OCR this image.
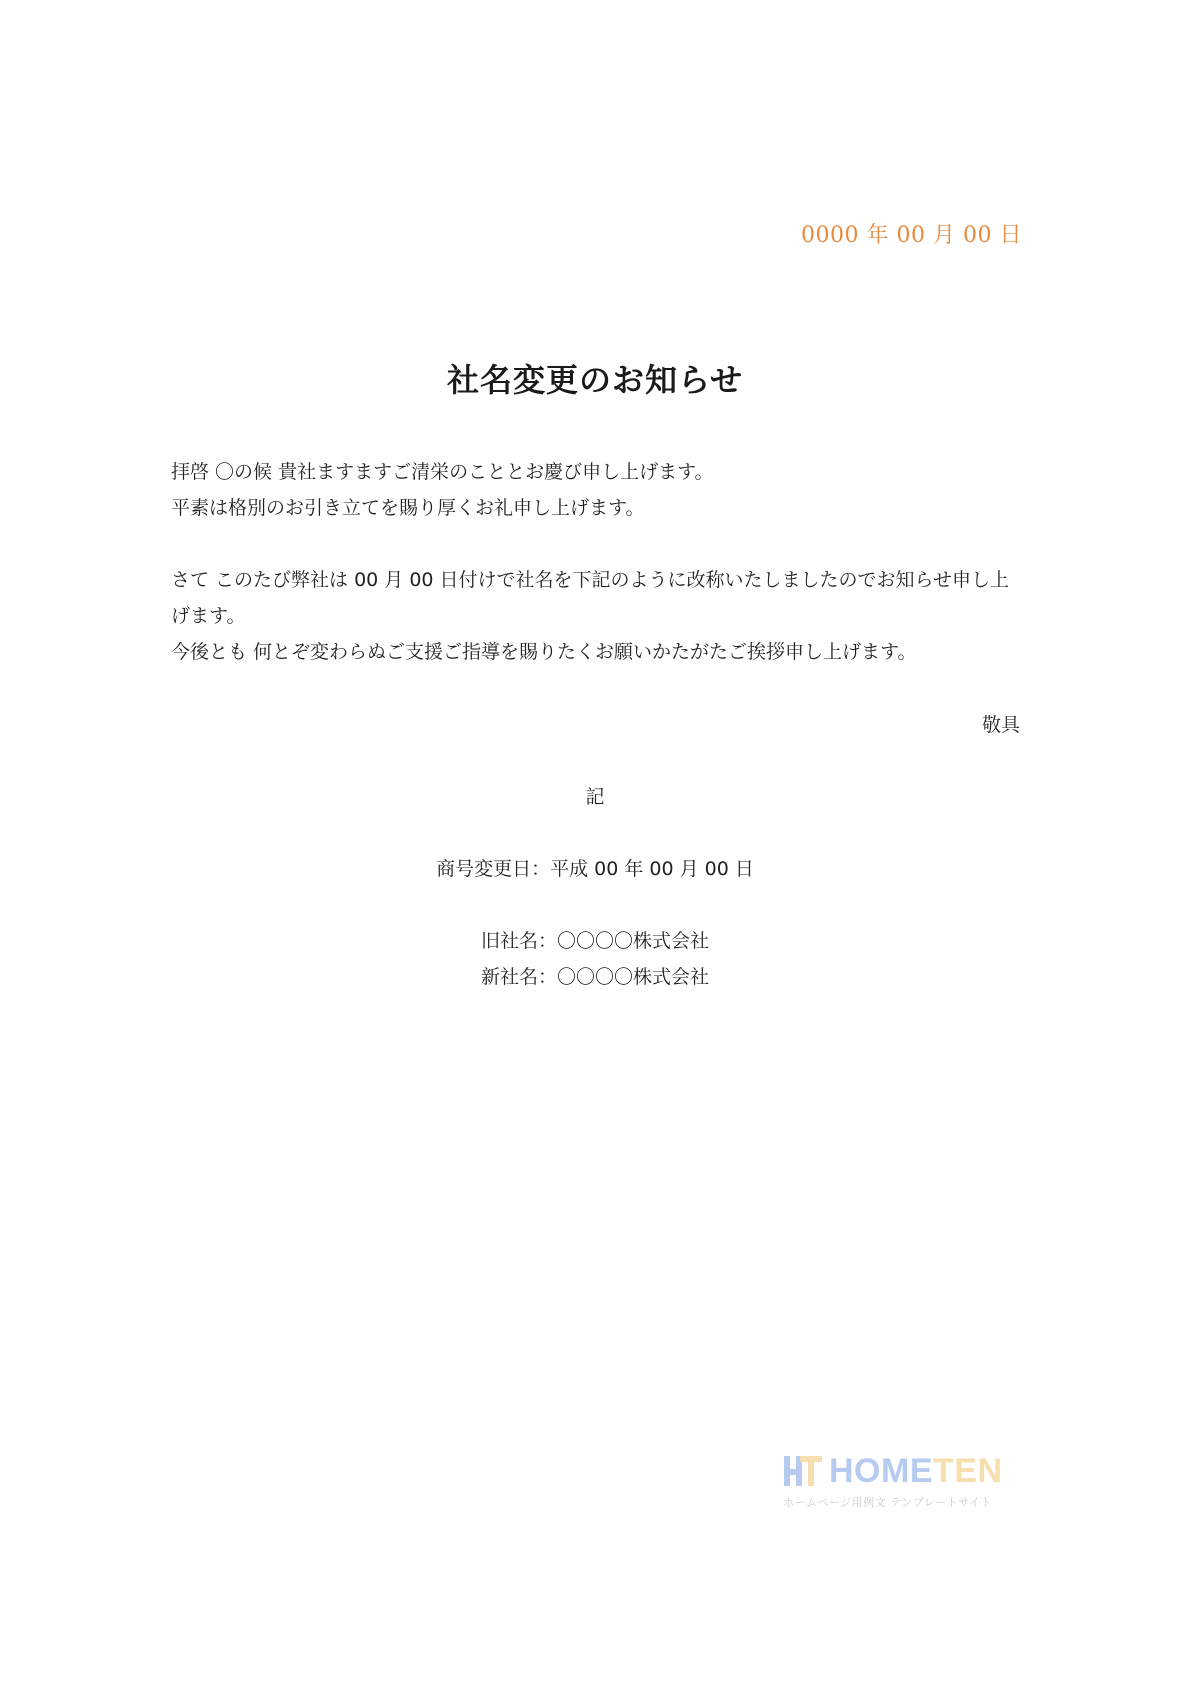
0000 年 00 月 00 日
社名変更のお知らせ

拝啓 〇の候 貴社ますますご清栄のこととお慶び申し上げます。

平素は格別のお引き立てを賜り厚くお礼申し上げます。

さて このたび弊社は 00 月 00 日付けで社名を下記のように改称いたしましたのでお知らせ申し上げます。

今後とも 何とぞ変わらぬご支援ご指導を賜りたくお願いかたがたご挨拶申し上げます。

敬具
記
商号変更日：平成 00 年 00 月 00 日
旧社名：〇〇〇〇株式会社
新社名：〇〇〇〇株式会社
HOMETEN
ホームページ用例文 テンプレートサイト
